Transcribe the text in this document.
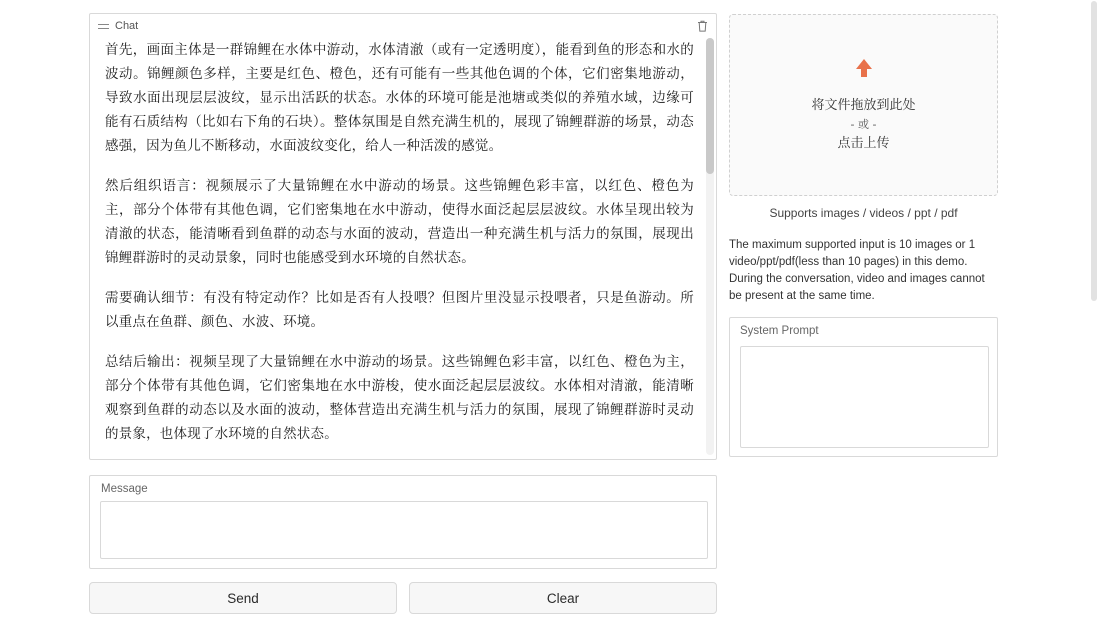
Chat

首先，画面主体是一群锦鲤在水体中游动，水体清澈（或有一定透明度），能看到鱼的形态和水的波动。锦鲤颜色多样，主要是红色、橙色，还有可能有一些其他色调的个体，它们密集地游动，导致水面出现层层波纹，显示出活跃的状态。水体的环境可能是池塘或类似的养殖水域，边缘可能有石质结构（比如右下角的石块）。整体氛围是自然充满生机的，展现了锦鲤群游的场景，动态感强，因为鱼儿不断移动，水面波纹变化，给人一种活泼的感觉。

然后组织语言：视频展示了大量锦鲤在水中游动的场景。这些锦鲤色彩丰富，以红色、橙色为主，部分个体带有其他色调，它们密集地在水中游动，使得水面泛起层层波纹。水体呈现出较为清澈的状态，能清晰看到鱼群的动态与水面的波动，营造出一种充满生机与活力的氛围，展现出锦鲤群游时的灵动景象，同时也能感受到水环境的自然状态。

需要确认细节：有没有特定动作？比如是否有人投喂？但图片里没显示投喂者，只是鱼游动。所以重点在鱼群、颜色、水波、环境。

总结后输出：视频呈现了大量锦鲤在水中游动的场景。这些锦鲤色彩丰富，以红色、橙色为主，部分个体带有其他色调，它们密集地在水中游梭，使水面泛起层层波纹。水体相对清澈，能清晰观察到鱼群的动态以及水面的波动，整体营造出充满生机与活力的氛围，展现了锦鲤群游时灵动的景象，也体现了水环境的自然状态。

Message
Send	Clear
将文件拖放到此处
- 或 -
点击上传
Supports images / videos / ppt / pdf
The maximum supported input is 10 images or 1 video/ppt/pdf(less than 10 pages) in this demo. During the conversation, video and images cannot be present at the same time.
System Prompt
